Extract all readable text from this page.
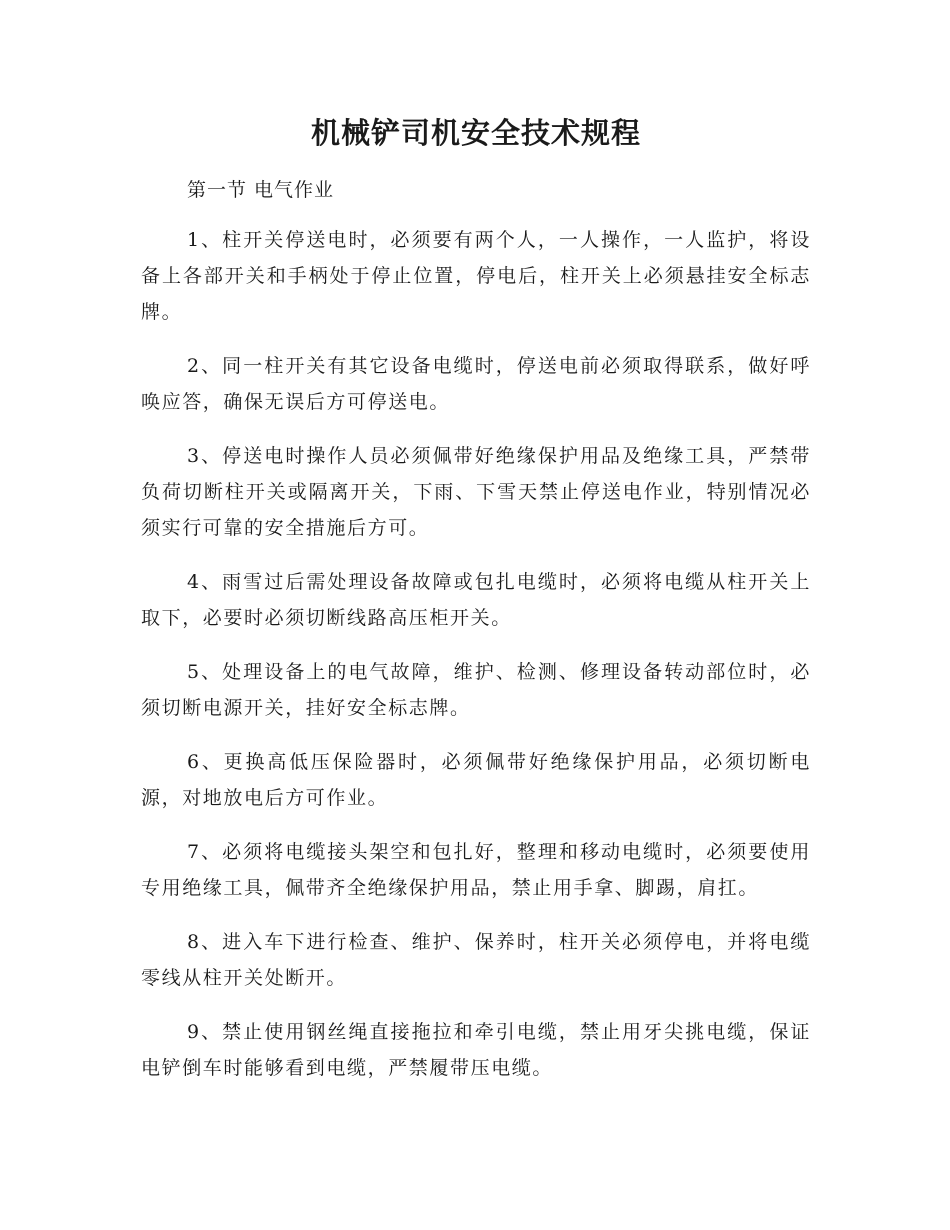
机械铲司机安全技术规程
第一节 电气作业

1、柱开关停送电时，必须要有两个人，一人操作，一人监护，将设备上各部开关和手柄处于停止位置，停电后，柱开关上必须悬挂安全标志牌。

2、同一柱开关有其它设备电缆时，停送电前必须取得联系，做好呼唤应答，确保无误后方可停送电。

3、停送电时操作人员必须佩带好绝缘保护用品及绝缘工具，严禁带负荷切断柱开关或隔离开关，下雨、下雪天禁止停送电作业，特别情况必须实行可靠的安全措施后方可。

4、雨雪过后需处理设备故障或包扎电缆时，必须将电缆从柱开关上取下，必要时必须切断线路高压柜开关。

5、处理设备上的电气故障，维护、检测、修理设备转动部位时，必须切断电源开关，挂好安全标志牌。

6、更换高低压保险器时，必须佩带好绝缘保护用品，必须切断电源，对地放电后方可作业。

7、必须将电缆接头架空和包扎好，整理和移动电缆时，必须要使用专用绝缘工具，佩带齐全绝缘保护用品，禁止用手拿、脚踢，肩扛。

8、进入车下进行检查、维护、保养时，柱开关必须停电，并将电缆零线从柱开关处断开。

9、禁止使用钢丝绳直接拖拉和牵引电缆，禁止用牙尖挑电缆，保证电铲倒车时能够看到电缆，严禁履带压电缆。
